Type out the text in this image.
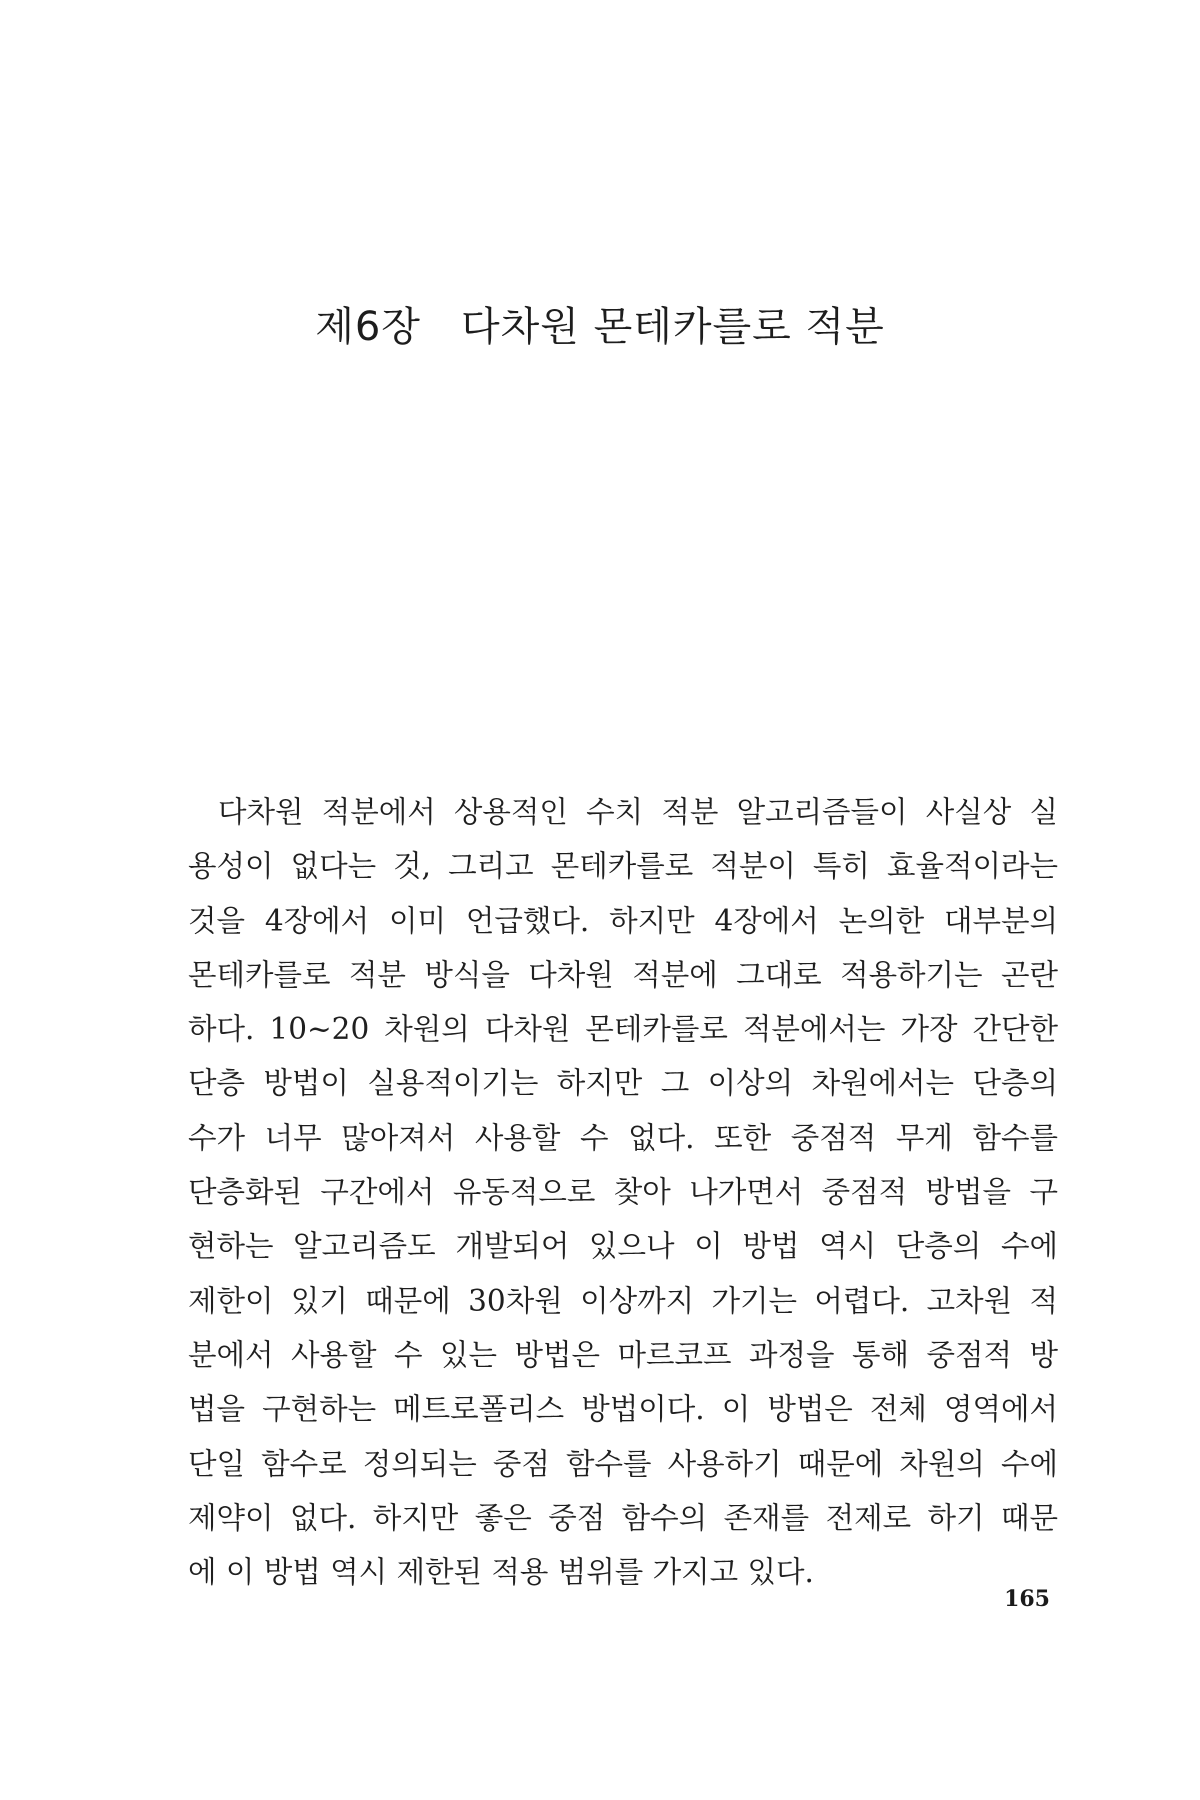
제6장 다차원 몬테카를로 적분
다차원 적분에서 상용적인 수치 적분 알고리즘들이 사실상 실
용성이 없다는 것, 그리고 몬테카를로 적분이 특히 효율적이라는
것을 4장에서 이미 언급했다. 하지만 4장에서 논의한 대부분의
몬테카를로 적분 방식을 다차원 적분에 그대로 적용하기는 곤란
하다. 10∼20 차원의 다차원 몬테카를로 적분에서는 가장 간단한
단층 방법이 실용적이기는 하지만 그 이상의 차원에서는 단층의
수가 너무 많아져서 사용할 수 없다. 또한 중점적 무게 함수를
단층화된 구간에서 유동적으로 찾아 나가면서 중점적 방법을 구
현하는 알고리즘도 개발되어 있으나 이 방법 역시 단층의 수에
제한이 있기 때문에 30차원 이상까지 가기는 어렵다. 고차원 적
분에서 사용할 수 있는 방법은 마르코프 과정을 통해 중점적 방
법을 구현하는 메트로폴리스 방법이다. 이 방법은 전체 영역에서
단일 함수로 정의되는 중점 함수를 사용하기 때문에 차원의 수에
제약이 없다. 하지만 좋은 중점 함수의 존재를 전제로 하기 때문
에 이 방법 역시 제한된 적용 범위를 가지고 있다.
165
